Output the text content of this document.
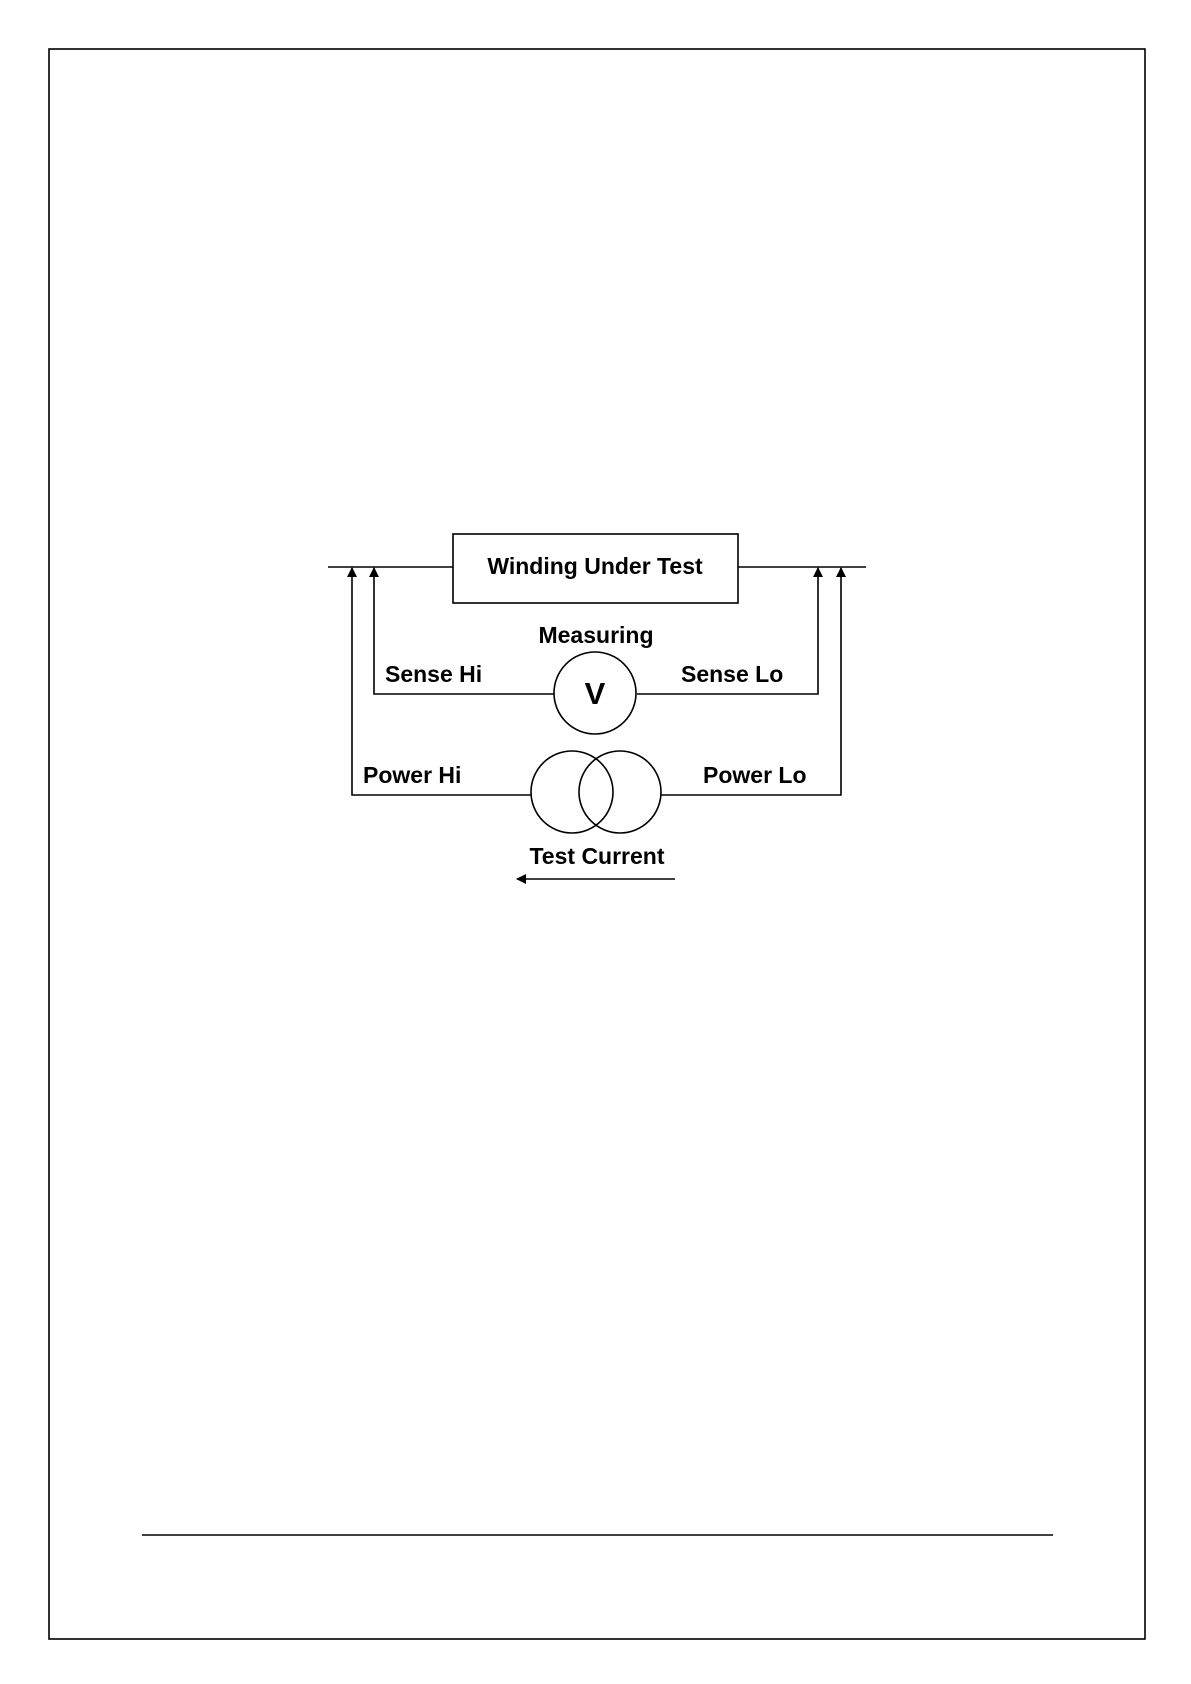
Winding Under Test
V
Measuring
Sense Hi	Sense Lo
Power Hi	Power Lo
Test Current
